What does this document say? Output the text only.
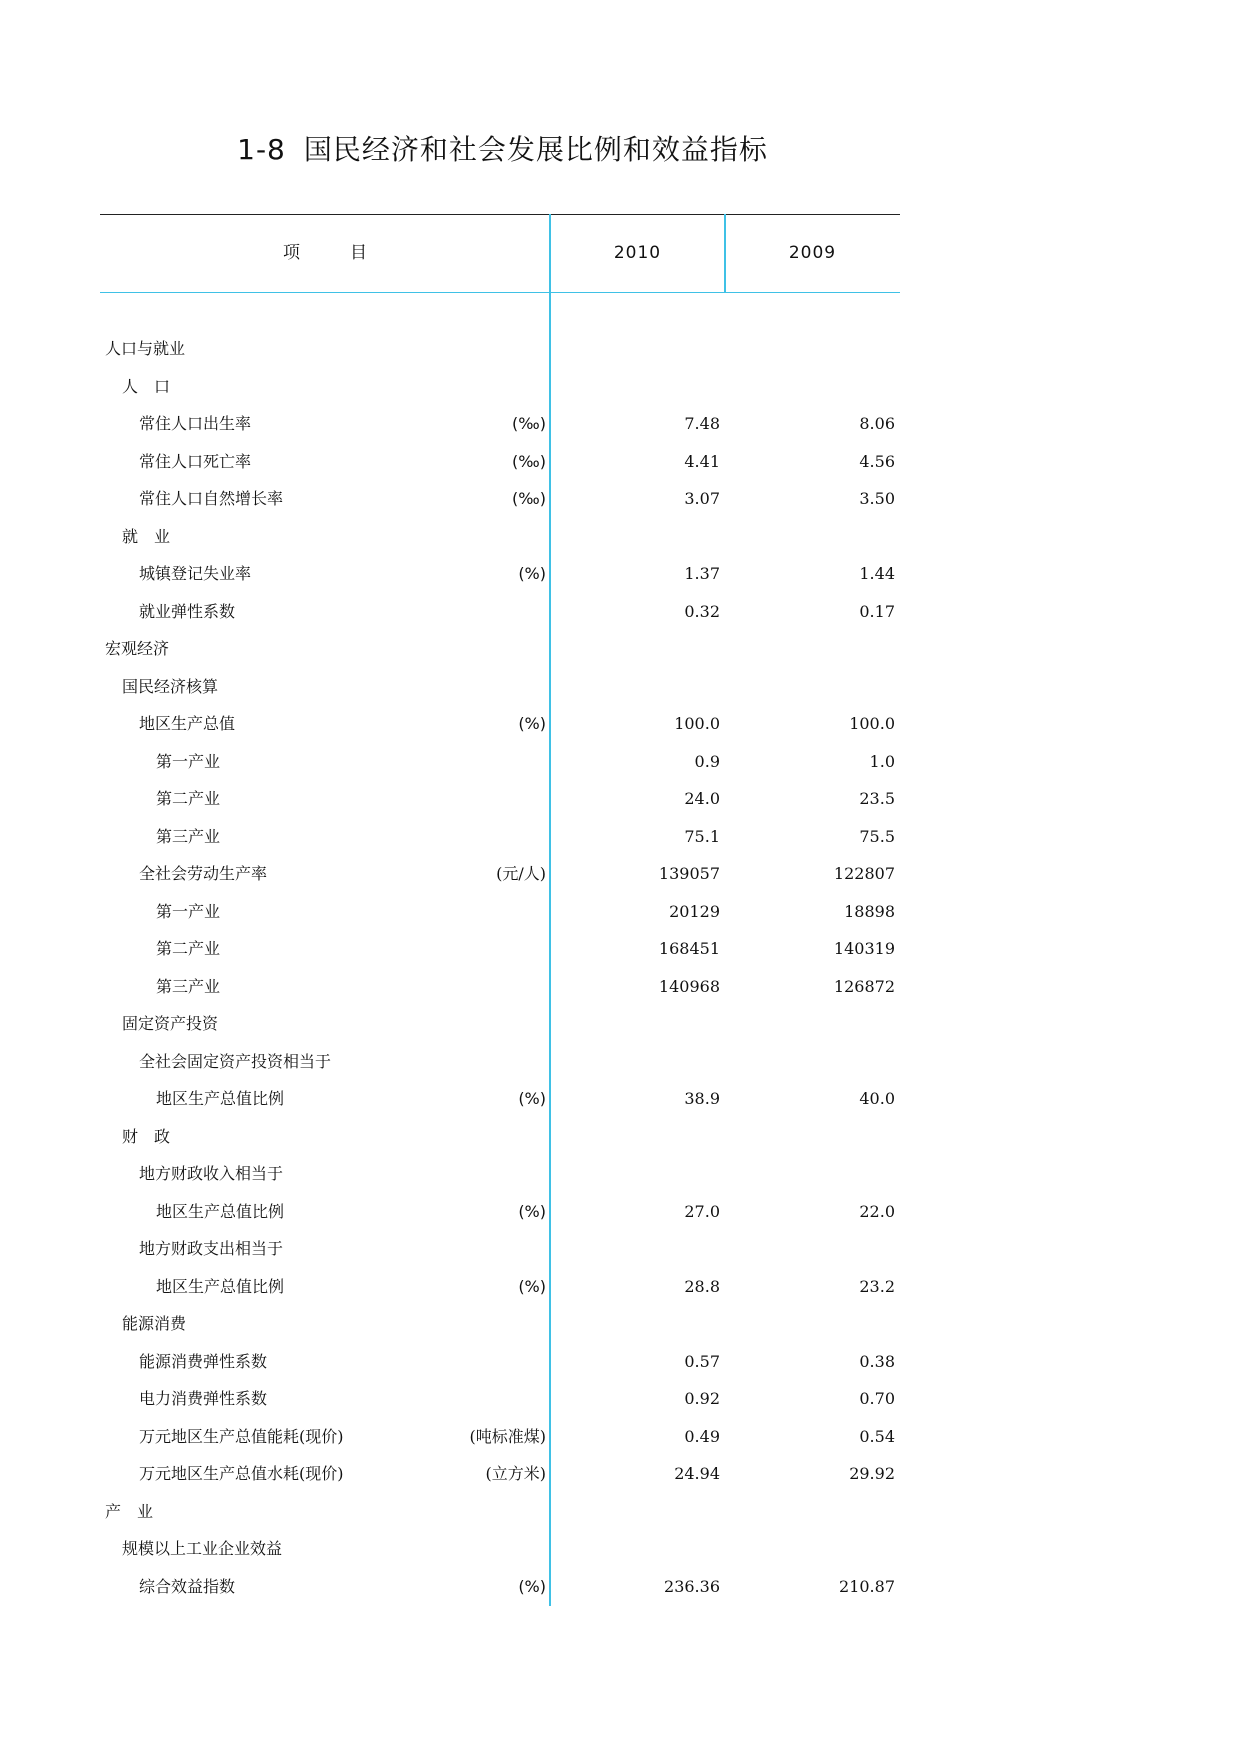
1-8 国民经济和社会发展比例和效益指标
项目	2010	2009
人口与就业
人　口
常住人口出生率	(‰)	7.48	8.06
常住人口死亡率	(‰)	4.41	4.56
常住人口自然增长率	(‰)	3.07	3.50
就　业
城镇登记失业率	(%)	1.37	1.44
就业弹性系数	0.32	0.17
宏观经济
国民经济核算
地区生产总值	(%)	100.0	100.0
第一产业	0.9	1.0
第二产业	24.0	23.5
第三产业	75.1	75.5
全社会劳动生产率	(元/人)	139057	122807
第一产业	20129	18898
第二产业	168451	140319
第三产业	140968	126872
固定资产投资
全社会固定资产投资相当于
地区生产总值比例	(%)	38.9	40.0
财　政
地方财政收入相当于
地区生产总值比例	(%)	27.0	22.0
地方财政支出相当于
地区生产总值比例	(%)	28.8	23.2
能源消费
能源消费弹性系数	0.57	0.38
电力消费弹性系数	0.92	0.70
万元地区生产总值能耗(现价)	(吨标准煤)	0.49	0.54
万元地区生产总值水耗(现价)	(立方米)	24.94	29.92
产　业
规模以上工业企业效益
综合效益指数	(%)	236.36	210.87
